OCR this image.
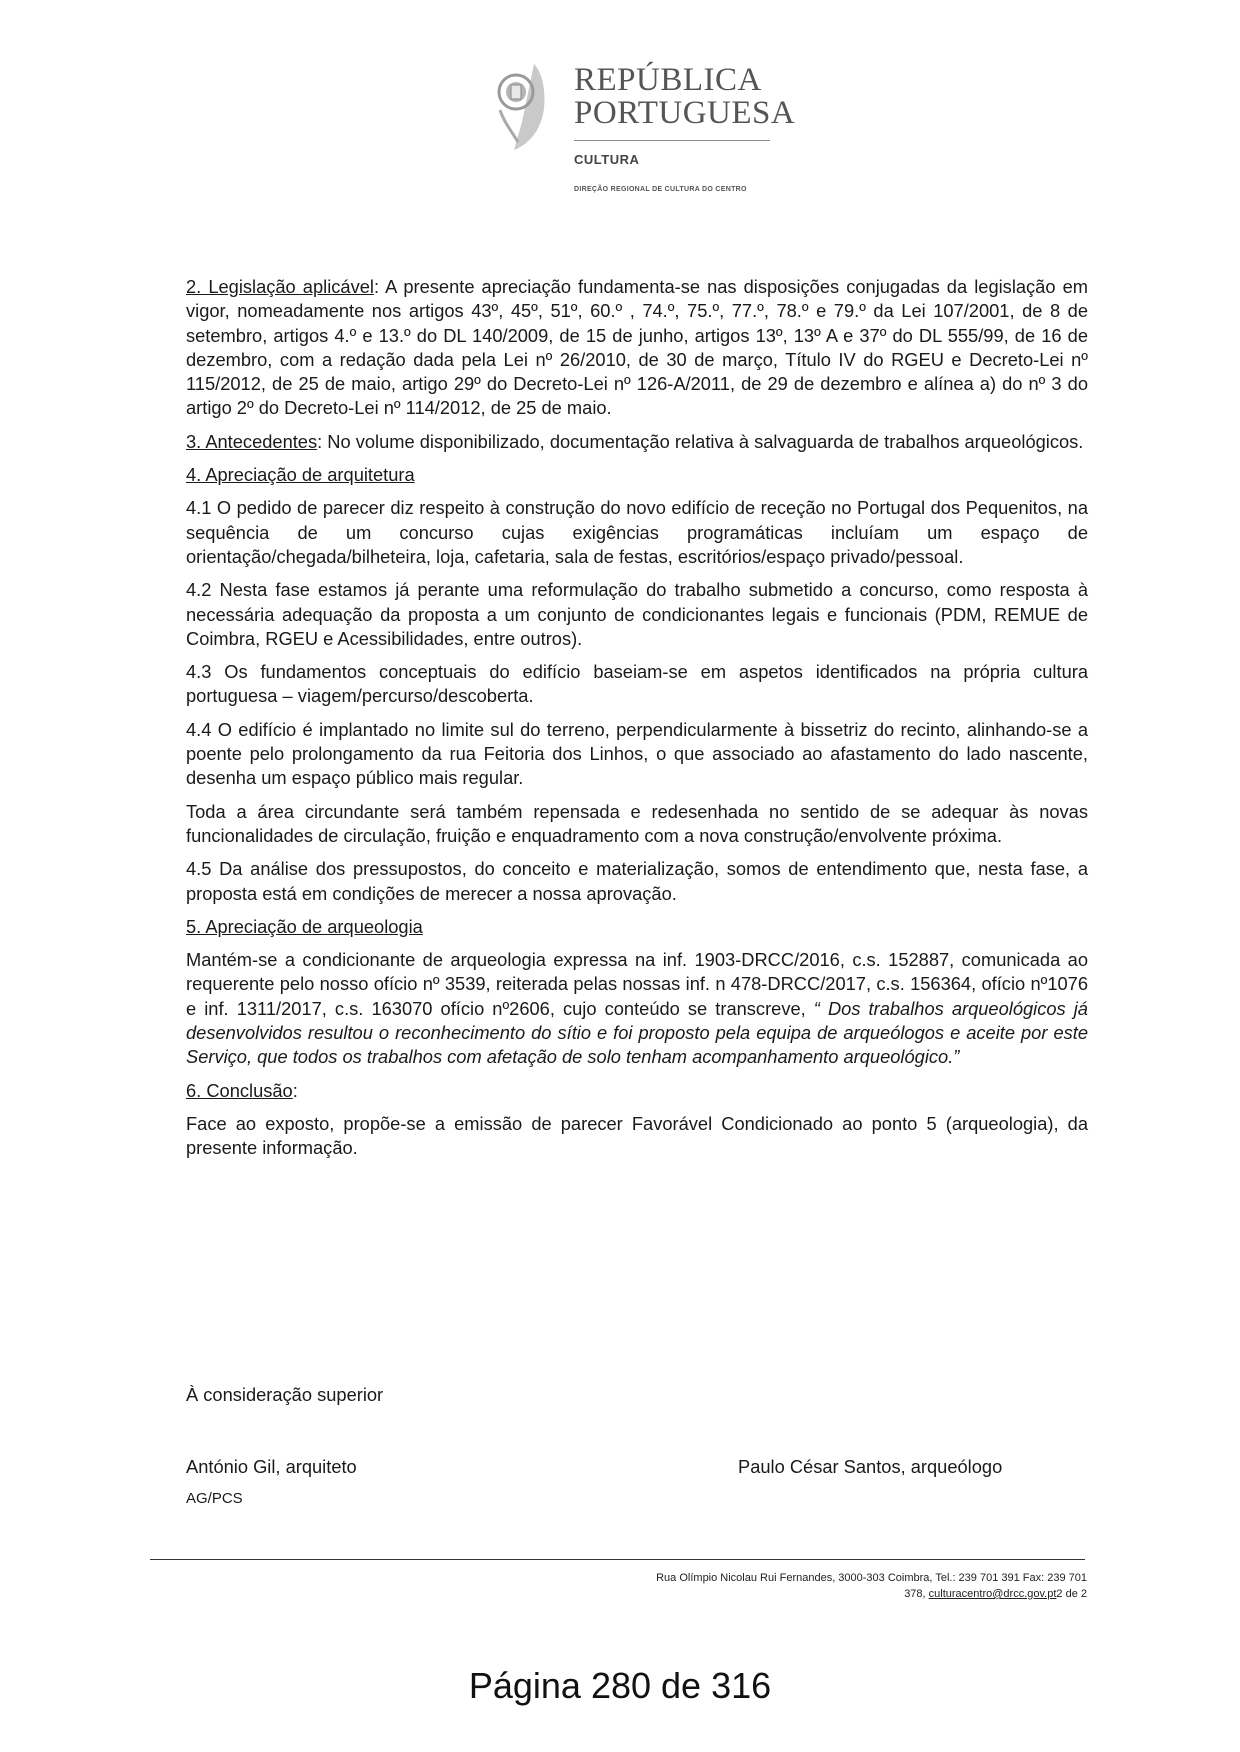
REPÚBLICA
PORTUGUESA
CULTURA
DIREÇÃO REGIONAL DE CULTURA DO CENTRO

2. Legislação aplicável: A presente apreciação fundamenta-se nas disposições conjugadas da legislação em vigor, nomeadamente nos artigos 43º, 45º, 51º, 60.º , 74.º, 75.º, 77.º, 78.º e 79.º da Lei 107/2001, de 8 de setembro, artigos 4.º e 13.º do DL 140/2009, de 15 de junho, artigos 13º, 13º A e 37º do DL 555/99, de 16 de dezembro, com a redação dada pela Lei nº 26/2010, de 30 de março, Título IV do RGEU e Decreto-Lei nº 115/2012, de 25 de maio, artigo 29º do Decreto-Lei nº 126-A/2011, de 29 de dezembro e alínea a) do nº 3 do artigo 2º do Decreto-Lei nº 114/2012, de 25 de maio.

3. Antecedentes: No volume disponibilizado, documentação relativa à salvaguarda de trabalhos arqueológicos.

4. Apreciação de arquitetura

4.1 O pedido de parecer diz respeito à construção do novo edifício de receção no Portugal dos Pequenitos, na sequência de um concurso cujas exigências programáticas incluíam um espaço de orientação/chegada/bilheteira, loja, cafetaria, sala de festas, escritórios/espaço privado/pessoal.

4.2 Nesta fase estamos já perante uma reformulação do trabalho submetido a concurso, como resposta à necessária adequação da proposta a um conjunto de condicionantes legais e funcionais (PDM, REMUE de Coimbra, RGEU e Acessibilidades, entre outros).

4.3 Os fundamentos conceptuais do edifício baseiam-se em aspetos identificados na própria cultura portuguesa – viagem/percurso/descoberta.

4.4 O edifício é implantado no limite sul do terreno, perpendicularmente à bissetriz do recinto, alinhando-se a poente pelo prolongamento da rua Feitoria dos Linhos, o que associado ao afastamento do lado nascente, desenha um espaço público mais regular.

Toda a área circundante será também repensada e redesenhada no sentido de se adequar às novas funcionalidades de circulação, fruição e enquadramento com a nova construção/envolvente próxima.

4.5 Da análise dos pressupostos, do conceito e materialização, somos de entendimento que, nesta fase, a proposta está em condições de merecer a nossa aprovação.

5. Apreciação de arqueologia

Mantém-se a condicionante de arqueologia expressa na inf. 1903-DRCC/2016, c.s. 152887, comunicada ao requerente pelo nosso ofício nº 3539, reiterada pelas nossas inf. n 478-DRCC/2017, c.s. 156364, ofício nº1076 e inf. 1311/2017, c.s. 163070 ofício nº2606, cujo conteúdo se transcreve, “ Dos trabalhos arqueológicos já desenvolvidos resultou o reconhecimento do sítio e foi proposto pela equipa de arqueólogos e aceite por este Serviço, que todos os trabalhos com afetação de solo tenham acompanhamento arqueológico.”

6. Conclusão:

Face ao exposto, propõe-se a emissão de parecer Favorável Condicionado ao ponto 5 (arqueologia), da presente informação.

À consideração superior
António Gil, arquiteto	Paulo César Santos, arqueólogo
AG/PCS
Rua Olímpio Nicolau Rui Fernandes, 3000-303 Coimbra, Tel.: 239 701 391 Fax: 239 701
378, culturacentro@drcc.gov.pt2 de 2
Página 280 de 316
